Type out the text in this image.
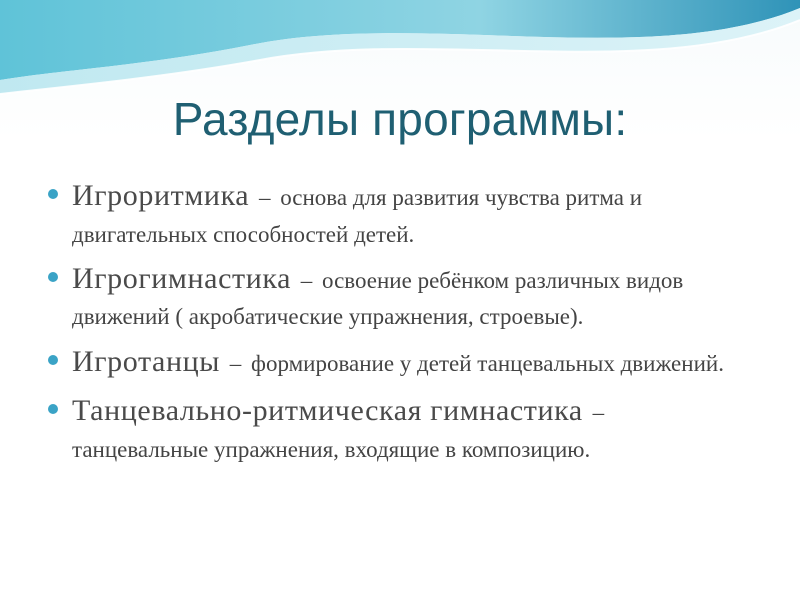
Разделы программы:
Игроритмика – основа для развития чувства ритма и двигательных способностей детей.
Игрогимнастика – освоение ребёнком различных видов движений ( акробатические упражнения, строевые).
Игротанцы – формирование у детей танцевальных движений.
Танцевально-ритмическая гимнастика – танцевальные упражнения, входящие в композицию.
